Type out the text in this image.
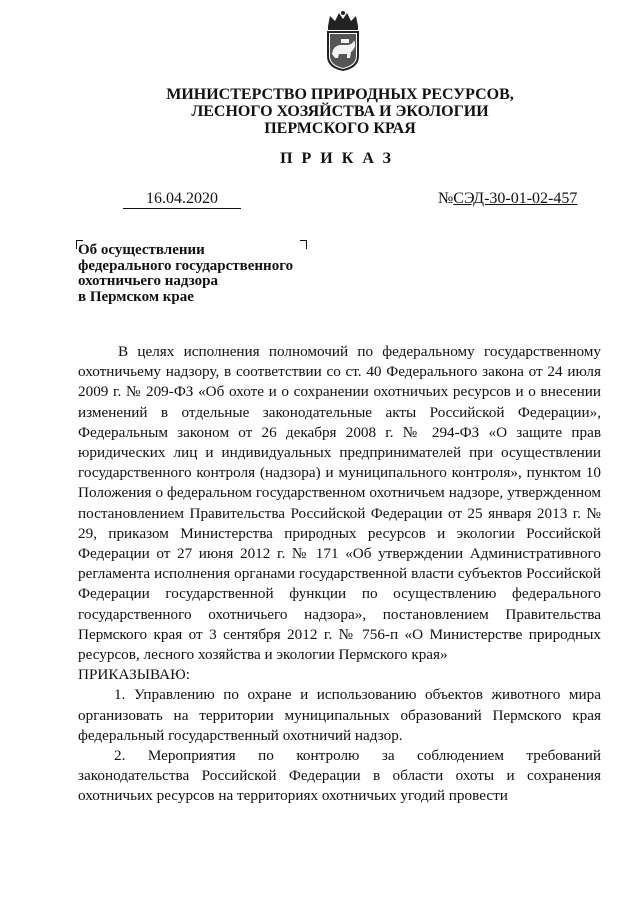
МИНИСТЕРСТВО ПРИРОДНЫХ РЕСУРСОВ,
ЛЕСНОГО ХОЗЯЙСТВА И ЭКОЛОГИИ
ПЕРМСКОГО КРАЯ
ПРИКАЗ
16.04.2020	№СЭД-30-01-02-457
Об осуществлении
федерального государственного
охотничьего надзора
в Пермском крае

В целях исполнения полномочий по федеральному государственному охотничьему надзору, в соответствии со ст. 40 Федерального закона от 24 июля 2009 г. № 209-ФЗ «Об охоте и о сохранении охотничьих ресурсов и о внесении изменений в отдельные законодательные акты Российской Федерации», Федеральным законом от 26 декабря 2008 г. № 294-ФЗ «О защите прав юридических лиц и индивидуальных предпринимателей при осуществлении государственного контроля (надзора) и муниципального контроля», пунктом 10 Положения о федеральном государственном охотничьем надзоре, утвержденном постановлением Правительства Российской Федерации от 25 января 2013 г. № 29, приказом Министерства природных ресурсов и экологии Российской Федерации от 27 июня 2012 г. № 171 «Об утверждении Административного регламента исполнения органами государственной власти субъектов Российской Федерации государственной функции по осуществлению федерального государственного охотничьего надзора», постановлением Правительства Пермского края от 3 сентября 2012 г. № 756-п «О Министерстве природных ресурсов, лесного хозяйства и экологии Пермского края»

ПРИКАЗЫВАЮ:

1. Управлению по охране и использованию объектов животного мира организовать на территории муниципальных образований Пермского края федеральный государственный охотничий надзор.

2. Мероприятия по контролю за соблюдением требований законодательства Российской Федерации в области охоты и сохранения охотничьих ресурсов на территориях охотничьих угодий провести
